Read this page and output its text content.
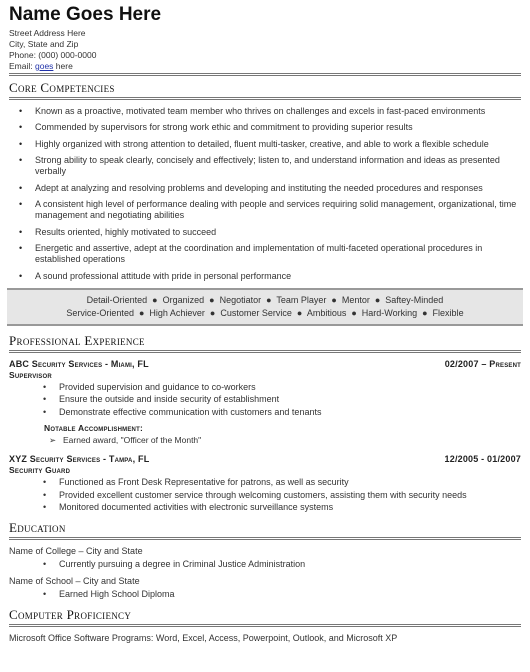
Name Goes Here
Street Address Here
City, State and Zip
Phone: (000) 000-0000
Email: goes here
Core Competencies
• Known as a proactive, motivated team member who thrives on challenges and excels in fast-paced environments
• Commended by supervisors for strong work ethic and commitment to providing superior results
• Highly organized with strong attention to detailed, fluent multi-tasker, creative, and able to work a flexible schedule
• Strong ability to speak clearly, concisely and effectively; listen to, and understand information and ideas as presented verbally
• Adept at analyzing and resolving problems and developing and instituting the needed procedures and responses
• A consistent high level of performance dealing with people and services requiring solid management, organizational, time management and negotiating abilities
• Results oriented, highly motivated to succeed
• Energetic and assertive, adept at the coordination and implementation of multi-faceted operational procedures in established operations
• A sound professional attitude with pride in personal performance
Detail-Oriented  ●  Organized  ●  Negotiator  ●  Team Player  ●  Mentor  ●  Saftey-Minded
Service-Oriented  ●  High Achiever  ●  Customer Service  ●  Ambitious  ●  Hard-Working  ●  Flexible
Professional Experience
ABC Security Services - Miami, FL	02/2007 – Present
Supervisor
• Provided supervision and guidance to co-workers
• Ensure the outside and inside security of establishment
• Demonstrate effective communication with customers and tenants
Notable Accomplishment:
➢ Earned award, "Officer of the Month"
XYZ Security Services - Tampa, FL	12/2005 - 01/2007
Security Guard
• Functioned as Front Desk Representative for patrons, as well as security
• Provided excellent customer service through welcoming customers, assisting them with security needs
• Monitored documented activities with electronic surveillance systems
Education
Name of College – City and State
• Currently pursuing a degree in Criminal Justice Administration
Name of School – City and State
• Earned High School Diploma
Computer Proficiency
Microsoft Office Software Programs: Word, Excel, Access, Powerpoint, Outlook, and Microsoft XP
